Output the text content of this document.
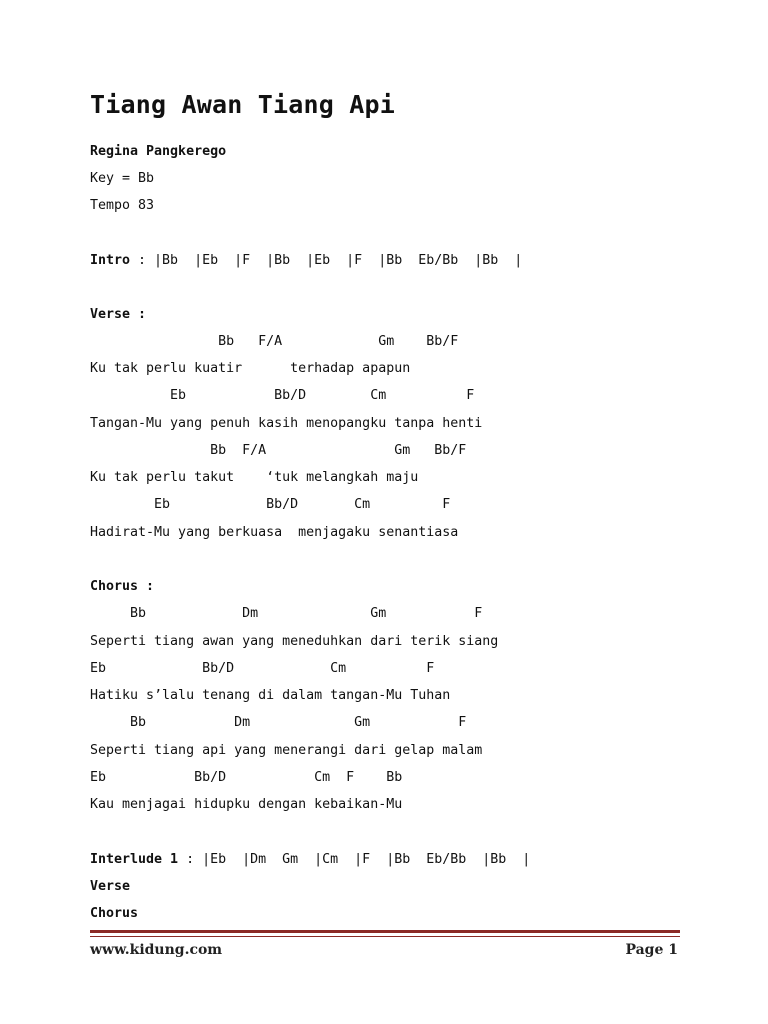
Tiang Awan Tiang Api
Regina Pangkerego
Key = Bb
Tempo 83
Intro : |Bb  |Eb  |F  |Bb  |Eb  |F  |Bb  Eb/Bb  |Bb  |
Verse :
Bb   F/A            Gm    Bb/F
Ku tak perlu kuatir      terhadap apapun
Eb           Bb/D        Cm          F
Tangan-Mu yang penuh kasih menopangku tanpa henti
Bb  F/A                Gm   Bb/F
Ku tak perlu takut    ‘tuk melangkah maju
Eb            Bb/D       Cm         F
Hadirat-Mu yang berkuasa  menjagaku senantiasa
Chorus :
Bb            Dm              Gm           F
Seperti tiang awan yang meneduhkan dari terik siang
Eb            Bb/D            Cm          F
Hatiku s’lalu tenang di dalam tangan-Mu Tuhan
Bb           Dm             Gm           F
Seperti tiang api yang menerangi dari gelap malam
Eb           Bb/D           Cm  F    Bb
Kau menjagai hidupku dengan kebaikan-Mu
Interlude 1 : |Eb  |Dm  Gm  |Cm  |F  |Bb  Eb/Bb  |Bb  |
Verse
Chorus
www.kidung.com	Page 1
